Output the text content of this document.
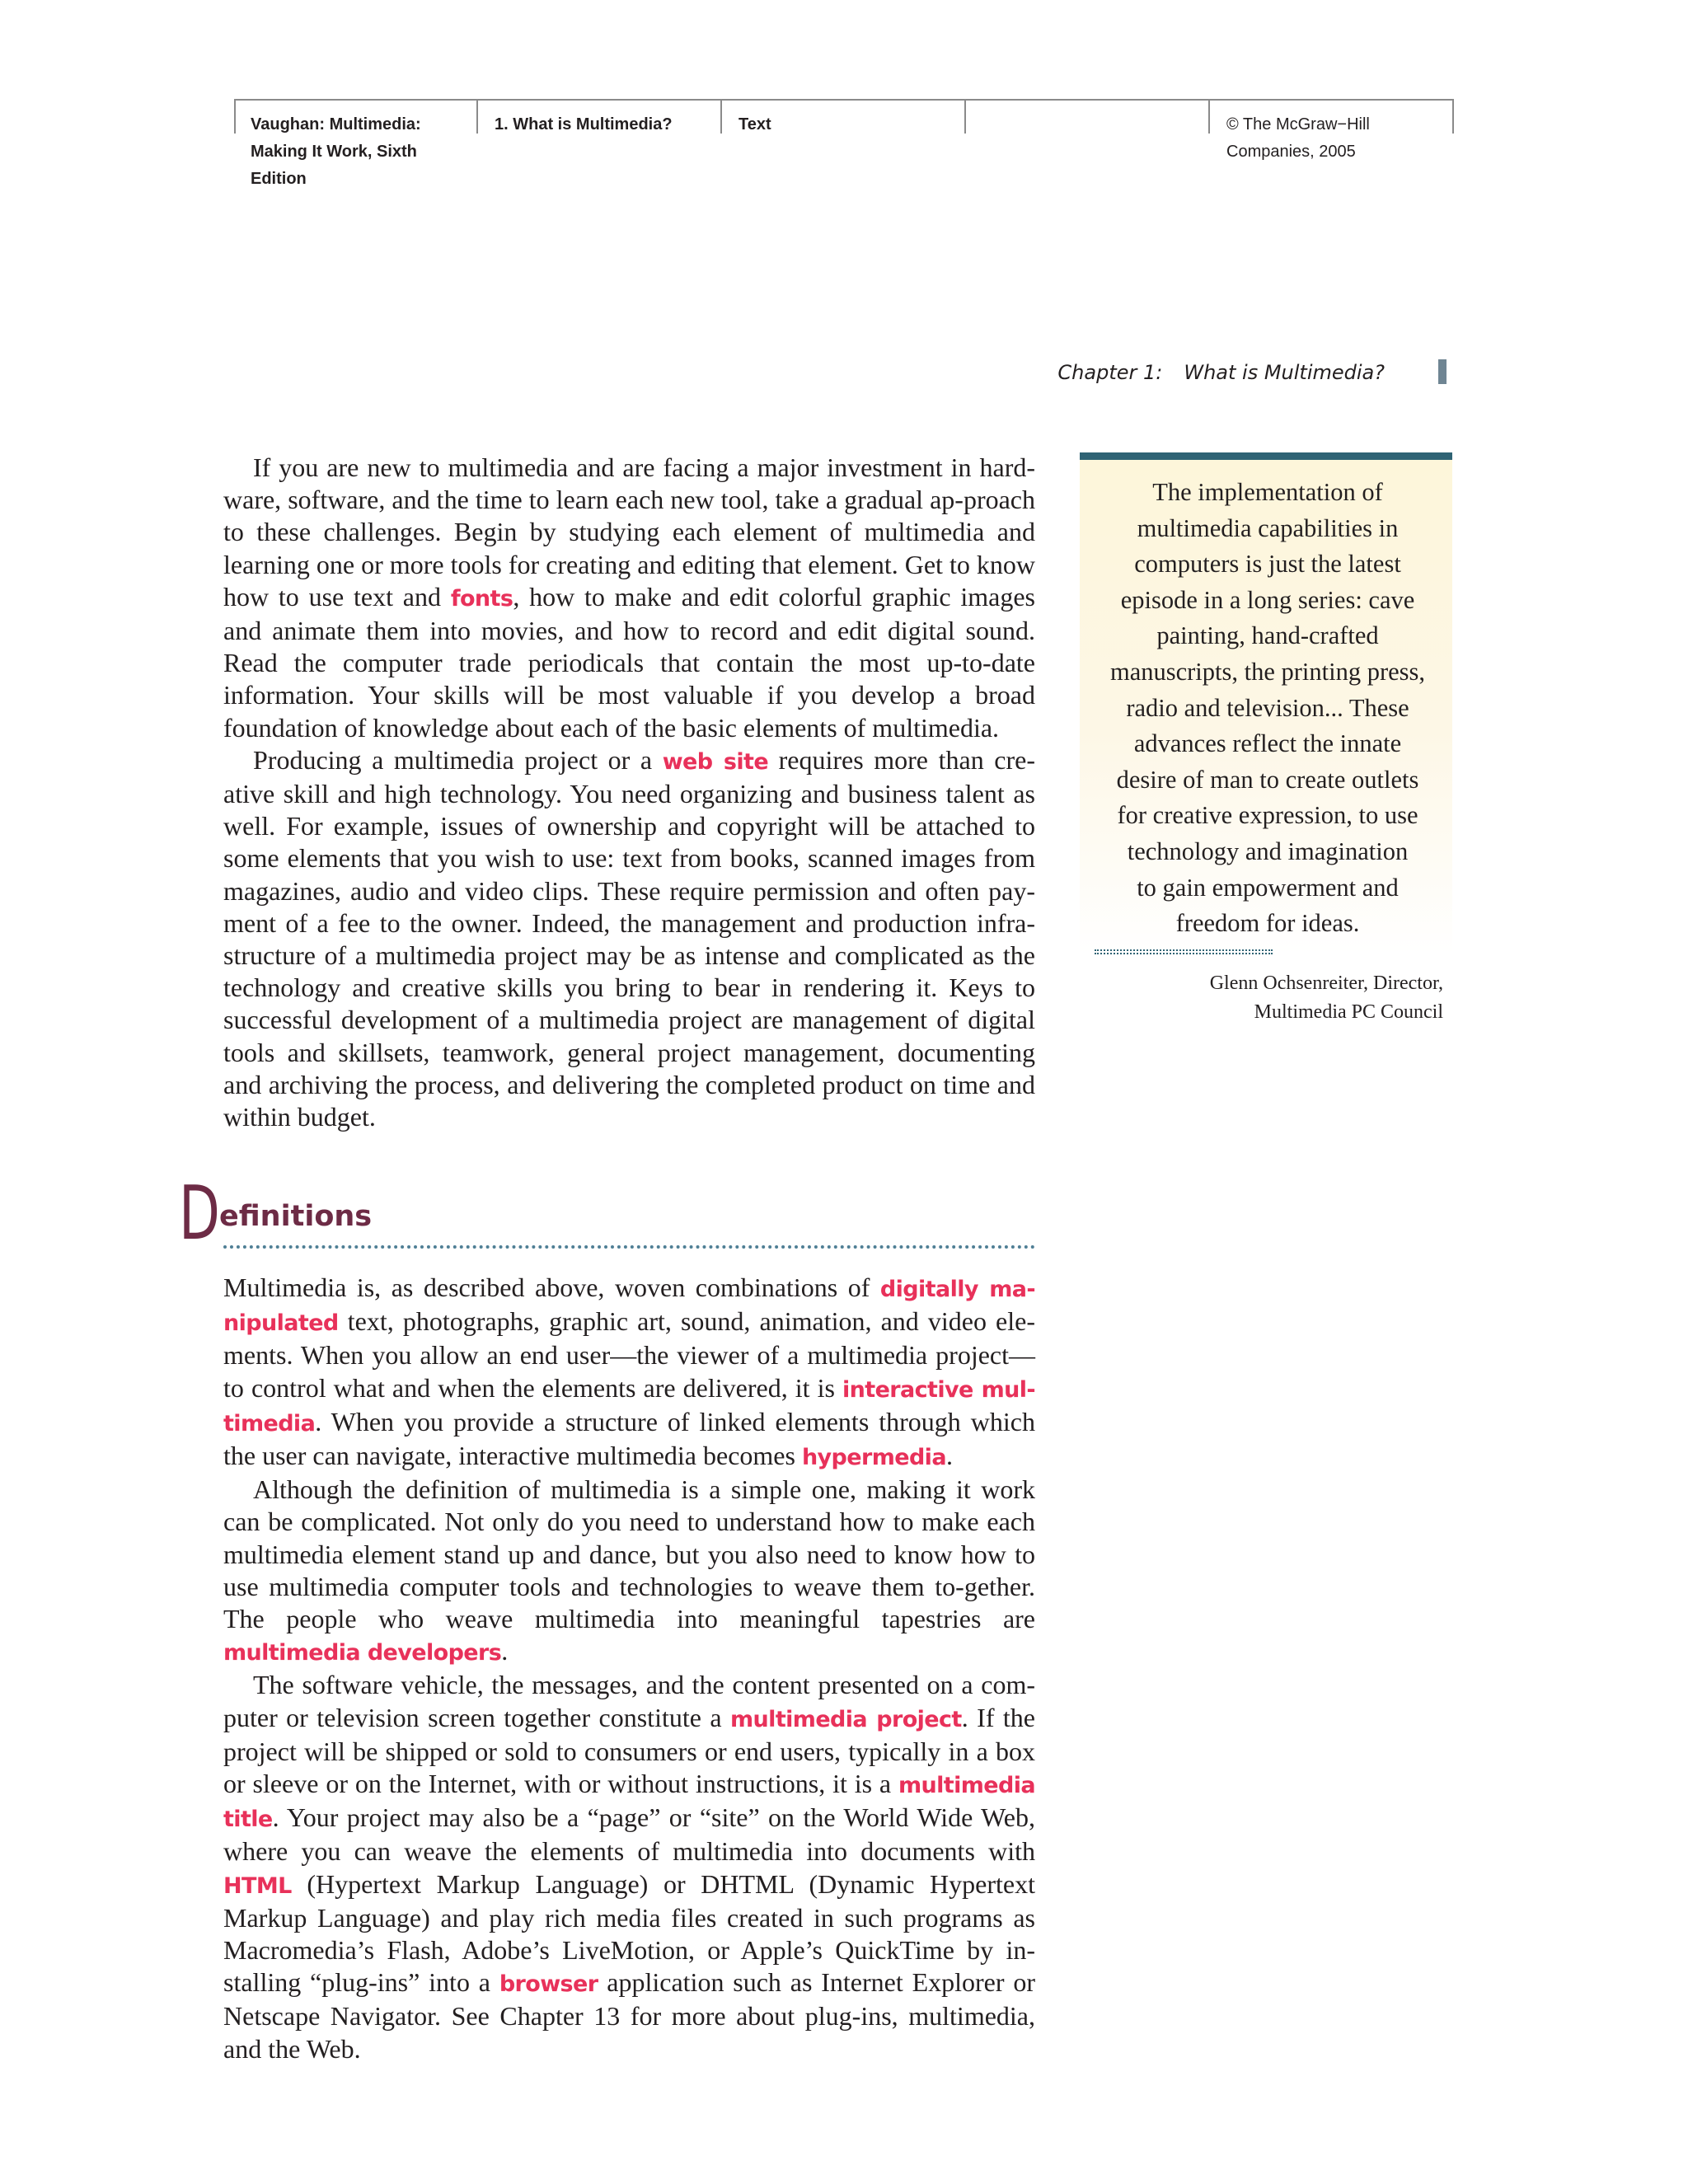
Vaughan: Multimedia:
Making It Work, Sixth
Edition
1. What is Multimedia?	Text	© The McGraw−Hill
Companies, 2005
Chapter 1: What is Multimedia?

If you are new to multimedia and are facing a major investment in hard-ware, software, and the time to learn each new tool, take a gradual ap-proach to these challenges. Begin by studying each element of multimedia and learning one or more tools for creating and editing that element. Get to know how to use text and fonts, how to make and edit colorful graphic images and animate them into movies, and how to record and edit digital sound. Read the computer trade periodicals that contain the most up-to-date information. Your skills will be most valuable if you develop a broad foundation of knowledge about each of the basic elements of multimedia.

Producing a multimedia project or a web site requires more than cre-ative skill and high technology. You need organizing and business talent as well. For example, issues of ownership and copyright will be attached to some elements that you wish to use: text from books, scanned images from magazines, audio and video clips. These require permission and often pay-ment of a fee to the owner. Indeed, the management and production infra-structure of a multimedia project may be as intense and complicated as the technology and creative skills you bring to bear in rendering it. Keys to successful development of a multimedia project are management of digital tools and skillsets, teamwork, general project management, documenting and archiving the process, and delivering the completed product on time and within budget.

D efinitions

Multimedia is, as described above, woven combinations of digitally ma-nipulated text, photographs, graphic art, sound, animation, and video ele-ments. When you allow an end user—the viewer of a multimedia project—to control what and when the elements are delivered, it is interactive mul-timedia. When you provide a structure of linked elements through which the user can navigate, interactive multimedia becomes hypermedia.

Although the definition of multimedia is a simple one, making it work can be complicated. Not only do you need to understand how to make each multimedia element stand up and dance, but you also need to know how to use multimedia computer tools and technologies to weave them to-gether. The people who weave multimedia into meaningful tapestries are multimedia developers.

The software vehicle, the messages, and the content presented on a com-puter or television screen together constitute a multimedia project. If the project will be shipped or sold to consumers or end users, typically in a box or sleeve or on the Internet, with or without instructions, it is a multimedia title. Your project may also be a “page” or “site” on the World Wide Web, where you can weave the elements of multimedia into documents with HTML (Hypertext Markup Language) or DHTML (Dynamic Hypertext Markup Language) and play rich media files created in such programs as Macromedia’s Flash, Adobe’s LiveMotion, or Apple’s QuickTime by in-stalling “plug-ins” into a browser application such as Internet Explorer or Netscape Navigator. See Chapter 13 for more about plug-ins, multimedia, and the Web.

The implementation of
multimedia capabilities in
computers is just the latest
episode in a long series: cave
painting, hand-crafted
manuscripts, the printing press,
radio and television... These
advances reflect the innate
desire of man to create outlets
for creative expression, to use
technology and imagination
to gain empowerment and
freedom for ideas.
Glenn Ochsenreiter, Director,
Multimedia PC Council
